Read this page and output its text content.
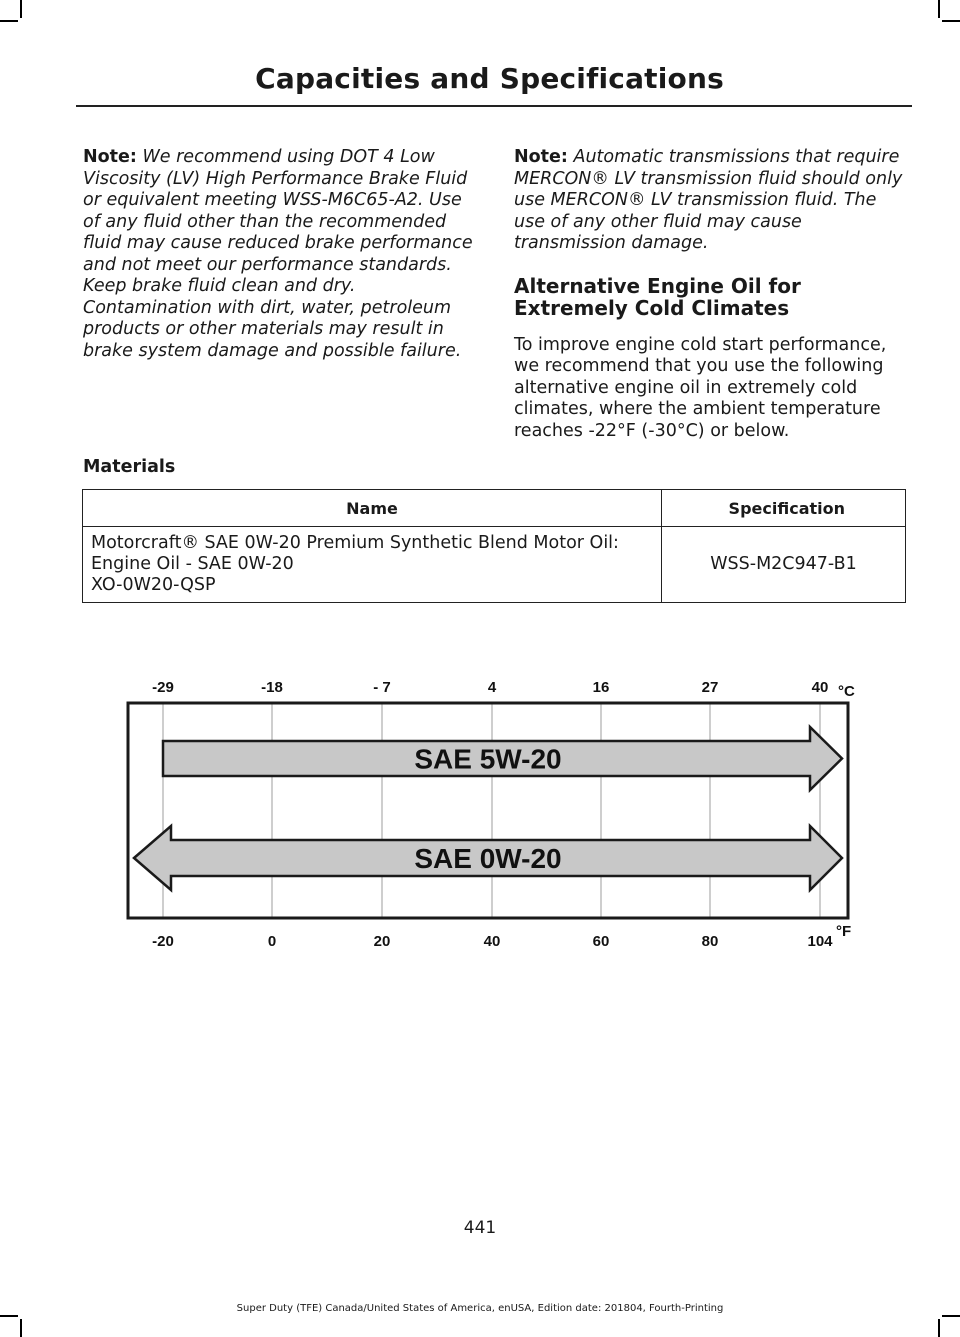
Capacities and Specifications

Note: We recommend using DOT 4 Low Viscosity (LV) High Performance Brake Fluid or equivalent meeting WSS-M6C65-A2. Use of any fluid other than the recommended fluid may cause reduced brake performance and not meet our performance standards. Keep brake fluid clean and dry. Contamination with dirt, water, petroleum products or other materials may result in brake system damage and possible failure.

Note: Automatic transmissions that require MERCON® LV transmission fluid should only use MERCON® LV transmission fluid. The use of any other fluid may cause transmission damage.

Alternative Engine Oil for Extremely Cold Climates

To improve engine cold start performance, we recommend that you use the following alternative engine oil in extremely cold climates, where the ambient temperature reaches -22°F (-30°C) or below.

Materials
Name	Specification

Motorcraft® SAE 0W-20 Premium Synthetic Blend Motor Oil:
Engine Oil - SAE 0W-20
XO-0W20-QSP	WSS-M2C947-B1
SAE 5W-20
SAE 0W-20
-29	-18	- 7	4	16	27	40 °C
-20	0	20	40	60	80	104
°F
441
Super Duty (TFE) Canada/United States of America, enUSA, Edition date: 201804, Fourth-Printing
